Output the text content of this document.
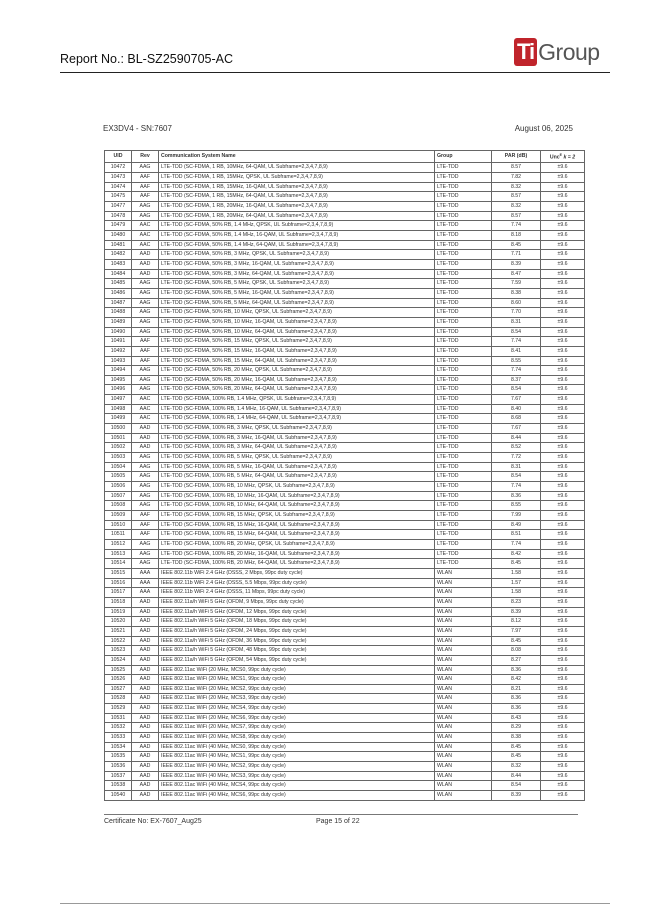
Report No.: BL-SZ2590705-AC	Ti Group
EX3DV4 - SN:7607	August 06, 2025
UID	Rev	Communication System Name	Group	PAR (dB)	Unc$^E$ k = 2
10472	AAG	LTE-TDD (SC-FDMA, 1 RB, 10MHz, 64-QAM, UL Subframe=2,3,4,7,8,9)	LTE-TDD	8.57	±9.6
10473	AAF	LTE-TDD (SC-FDMA, 1 RB, 15MHz, QPSK, UL Subframe=2,3,4,7,8,9)	LTE-TDD	7.82	±9.6
10474	AAF	LTE-TDD (SC-FDMA, 1 RB, 15MHz, 16-QAM, UL Subframe=2,3,4,7,8,9)	LTE-TDD	8.32	±9.6
10475	AAF	LTE-TDD (SC-FDMA, 1 RB, 15MHz, 64-QAM, UL Subframe=2,3,4,7,8,9)	LTE-TDD	8.57	±9.6
10477	AAG	LTE-TDD (SC-FDMA, 1 RB, 20MHz, 16-QAM, UL Subframe=2,3,4,7,8,9)	LTE-TDD	8.32	±9.6
10478	AAG	LTE-TDD (SC-FDMA, 1 RB, 20MHz, 64-QAM, UL Subframe=2,3,4,7,8,9)	LTE-TDD	8.57	±9.6
10479	AAC	LTE-TDD (SC-FDMA, 50% RB, 1.4 MHz, QPSK, UL Subframe=2,3,4,7,8,9)	LTE-TDD	7.74	±9.6
10480	AAC	LTE-TDD (SC-FDMA, 50% RB, 1.4 MHz, 16-QAM, UL Subframe=2,3,4,7,8,9)	LTE-TDD	8.18	±9.6
10481	AAC	LTE-TDD (SC-FDMA, 50% RB, 1.4 MHz, 64-QAM, UL Subframe=2,3,4,7,8,9)	LTE-TDD	8.45	±9.6
10482	AAD	LTE-TDD (SC-FDMA, 50% RB, 3 MHz, QPSK, UL Subframe=2,3,4,7,8,9)	LTE-TDD	7.71	±9.6
10483	AAD	LTE-TDD (SC-FDMA, 50% RB, 3 MHz, 16-QAM, UL Subframe=2,3,4,7,8,9)	LTE-TDD	8.39	±9.6
10484	AAD	LTE-TDD (SC-FDMA, 50% RB, 3 MHz, 64-QAM, UL Subframe=2,3,4,7,8,9)	LTE-TDD	8.47	±9.6
10485	AAG	LTE-TDD (SC-FDMA, 50% RB, 5 MHz, QPSK, UL Subframe=2,3,4,7,8,9)	LTE-TDD	7.59	±9.6
10486	AAG	LTE-TDD (SC-FDMA, 50% RB, 5 MHz, 16-QAM, UL Subframe=2,3,4,7,8,9)	LTE-TDD	8.38	±9.6
10487	AAG	LTE-TDD (SC-FDMA, 50% RB, 5 MHz, 64-QAM, UL Subframe=2,3,4,7,8,9)	LTE-TDD	8.60	±9.6
10488	AAG	LTE-TDD (SC-FDMA, 50% RB, 10 MHz, QPSK, UL Subframe=2,3,4,7,8,9)	LTE-TDD	7.70	±9.6
10489	AAG	LTE-TDD (SC-FDMA, 50% RB, 10 MHz, 16-QAM, UL Subframe=2,3,4,7,8,9)	LTE-TDD	8.31	±9.6
10490	AAG	LTE-TDD (SC-FDMA, 50% RB, 10 MHz, 64-QAM, UL Subframe=2,3,4,7,8,9)	LTE-TDD	8.54	±9.6
10491	AAF	LTE-TDD (SC-FDMA, 50% RB, 15 MHz, QPSK, UL Subframe=2,3,4,7,8,9)	LTE-TDD	7.74	±9.6
10492	AAF	LTE-TDD (SC-FDMA, 50% RB, 15 MHz, 16-QAM, UL Subframe=2,3,4,7,8,9)	LTE-TDD	8.41	±9.6
10493	AAF	LTE-TDD (SC-FDMA, 50% RB, 15 MHz, 64-QAM, UL Subframe=2,3,4,7,8,9)	LTE-TDD	8.55	±9.6
10494	AAG	LTE-TDD (SC-FDMA, 50% RB, 20 MHz, QPSK, UL Subframe=2,3,4,7,8,9)	LTE-TDD	7.74	±9.6
10495	AAG	LTE-TDD (SC-FDMA, 50% RB, 20 MHz, 16-QAM, UL Subframe=2,3,4,7,8,9)	LTE-TDD	8.37	±9.6
10496	AAG	LTE-TDD (SC-FDMA, 50% RB, 20 MHz, 64-QAM, UL Subframe=2,3,4,7,8,9)	LTE-TDD	8.54	±9.6
10497	AAC	LTE-TDD (SC-FDMA, 100% RB, 1.4 MHz, QPSK, UL Subframe=2,3,4,7,8,9)	LTE-TDD	7.67	±9.6
10498	AAC	LTE-TDD (SC-FDMA, 100% RB, 1.4 MHz, 16-QAM, UL Subframe=2,3,4,7,8,9)	LTE-TDD	8.40	±9.6
10499	AAC	LTE-TDD (SC-FDMA, 100% RB, 1.4 MHz, 64-QAM, UL Subframe=2,3,4,7,8,9)	LTE-TDD	8.68	±9.6
10500	AAD	LTE-TDD (SC-FDMA, 100% RB, 3 MHz, QPSK, UL Subframe=2,3,4,7,8,9)	LTE-TDD	7.67	±9.6
10501	AAD	LTE-TDD (SC-FDMA, 100% RB, 3 MHz, 16-QAM, UL Subframe=2,3,4,7,8,9)	LTE-TDD	8.44	±9.6
10502	AAD	LTE-TDD (SC-FDMA, 100% RB, 3 MHz, 64-QAM, UL Subframe=2,3,4,7,8,9)	LTE-TDD	8.52	±9.6
10503	AAG	LTE-TDD (SC-FDMA, 100% RB, 5 MHz, QPSK, UL Subframe=2,3,4,7,8,9)	LTE-TDD	7.72	±9.6
10504	AAG	LTE-TDD (SC-FDMA, 100% RB, 5 MHz, 16-QAM, UL Subframe=2,3,4,7,8,9)	LTE-TDD	8.31	±9.6
10505	AAG	LTE-TDD (SC-FDMA, 100% RB, 5 MHz, 64-QAM, UL Subframe=2,3,4,7,8,9)	LTE-TDD	8.54	±9.6
10506	AAG	LTE-TDD (SC-FDMA, 100% RB, 10 MHz, QPSK, UL Subframe=2,3,4,7,8,9)	LTE-TDD	7.74	±9.6
10507	AAG	LTE-TDD (SC-FDMA, 100% RB, 10 MHz, 16-QAM, UL Subframe=2,3,4,7,8,9)	LTE-TDD	8.36	±9.6
10508	AAG	LTE-TDD (SC-FDMA, 100% RB, 10 MHz, 64-QAM, UL Subframe=2,3,4,7,8,9)	LTE-TDD	8.55	±9.6
10509	AAF	LTE-TDD (SC-FDMA, 100% RB, 15 MHz, QPSK, UL Subframe=2,3,4,7,8,9)	LTE-TDD	7.99	±9.6
10510	AAF	LTE-TDD (SC-FDMA, 100% RB, 15 MHz, 16-QAM, UL Subframe=2,3,4,7,8,9)	LTE-TDD	8.49	±9.6
10511	AAF	LTE-TDD (SC-FDMA, 100% RB, 15 MHz, 64-QAM, UL Subframe=2,3,4,7,8,9)	LTE-TDD	8.51	±9.6
10512	AAG	LTE-TDD (SC-FDMA, 100% RB, 20 MHz, QPSK, UL Subframe=2,3,4,7,8,9)	LTE-TDD	7.74	±9.6
10513	AAG	LTE-TDD (SC-FDMA, 100% RB, 20 MHz, 16-QAM, UL Subframe=2,3,4,7,8,9)	LTE-TDD	8.42	±9.6
10514	AAG	LTE-TDD (SC-FDMA, 100% RB, 20 MHz, 64-QAM, UL Subframe=2,3,4,7,8,9)	LTE-TDD	8.45	±9.6
10515	AAA	IEEE 802.11b WiFi 2.4 GHz (DSSS, 2 Mbps, 99pc duty cycle)	WLAN	1.58	±9.6
10516	AAA	IEEE 802.11b WiFi 2.4 GHz (DSSS, 5.5 Mbps, 99pc duty cycle)	WLAN	1.57	±9.6
10517	AAA	IEEE 802.11b WiFi 2.4 GHz (DSSS, 11 Mbps, 99pc duty cycle)	WLAN	1.58	±9.6
10518	AAD	IEEE 802.11a/h WiFi 5 GHz (OFDM, 9 Mbps, 99pc duty cycle)	WLAN	8.23	±9.6
10519	AAD	IEEE 802.11a/h WiFi 5 GHz (OFDM, 12 Mbps, 99pc duty cycle)	WLAN	8.39	±9.6
10520	AAD	IEEE 802.11a/h WiFi 5 GHz (OFDM, 18 Mbps, 99pc duty cycle)	WLAN	8.12	±9.6
10521	AAD	IEEE 802.11a/h WiFi 5 GHz (OFDM, 24 Mbps, 99pc duty cycle)	WLAN	7.97	±9.6
10522	AAD	IEEE 802.11a/h WiFi 5 GHz (OFDM, 36 Mbps, 99pc duty cycle)	WLAN	8.45	±9.6
10523	AAD	IEEE 802.11a/h WiFi 5 GHz (OFDM, 48 Mbps, 99pc duty cycle)	WLAN	8.08	±9.6
10524	AAD	IEEE 802.11a/h WiFi 5 GHz (OFDM, 54 Mbps, 99pc duty cycle)	WLAN	8.27	±9.6
10525	AAD	IEEE 802.11ac WiFi (20 MHz, MCS0, 99pc duty cycle)	WLAN	8.36	±9.6
10526	AAD	IEEE 802.11ac WiFi (20 MHz, MCS1, 99pc duty cycle)	WLAN	8.42	±9.6
10527	AAD	IEEE 802.11ac WiFi (20 MHz, MCS2, 99pc duty cycle)	WLAN	8.21	±9.6
10528	AAD	IEEE 802.11ac WiFi (20 MHz, MCS3, 99pc duty cycle)	WLAN	8.36	±9.6
10529	AAD	IEEE 802.11ac WiFi (20 MHz, MCS4, 99pc duty cycle)	WLAN	8.36	±9.6
10531	AAD	IEEE 802.11ac WiFi (20 MHz, MCS6, 99pc duty cycle)	WLAN	8.43	±9.6
10532	AAD	IEEE 802.11ac WiFi (20 MHz, MCS7, 99pc duty cycle)	WLAN	8.29	±9.6
10533	AAD	IEEE 802.11ac WiFi (20 MHz, MCS8, 99pc duty cycle)	WLAN	8.38	±9.6
10534	AAD	IEEE 802.11ac WiFi (40 MHz, MCS0, 99pc duty cycle)	WLAN	8.45	±9.6
10535	AAD	IEEE 802.11ac WiFi (40 MHz, MCS1, 99pc duty cycle)	WLAN	8.45	±9.6
10536	AAD	IEEE 802.11ac WiFi (40 MHz, MCS2, 99pc duty cycle)	WLAN	8.32	±9.6
10537	AAD	IEEE 802.11ac WiFi (40 MHz, MCS3, 99pc duty cycle)	WLAN	8.44	±9.6
10538	AAD	IEEE 802.11ac WiFi (40 MHz, MCS4, 99pc duty cycle)	WLAN	8.54	±9.6
10540	AAD	IEEE 802.11ac WiFi (40 MHz, MCS6, 99pc duty cycle)	WLAN	8.39	±9.6
Certificate No: EX-7607_Aug25	Page 15 of 22
